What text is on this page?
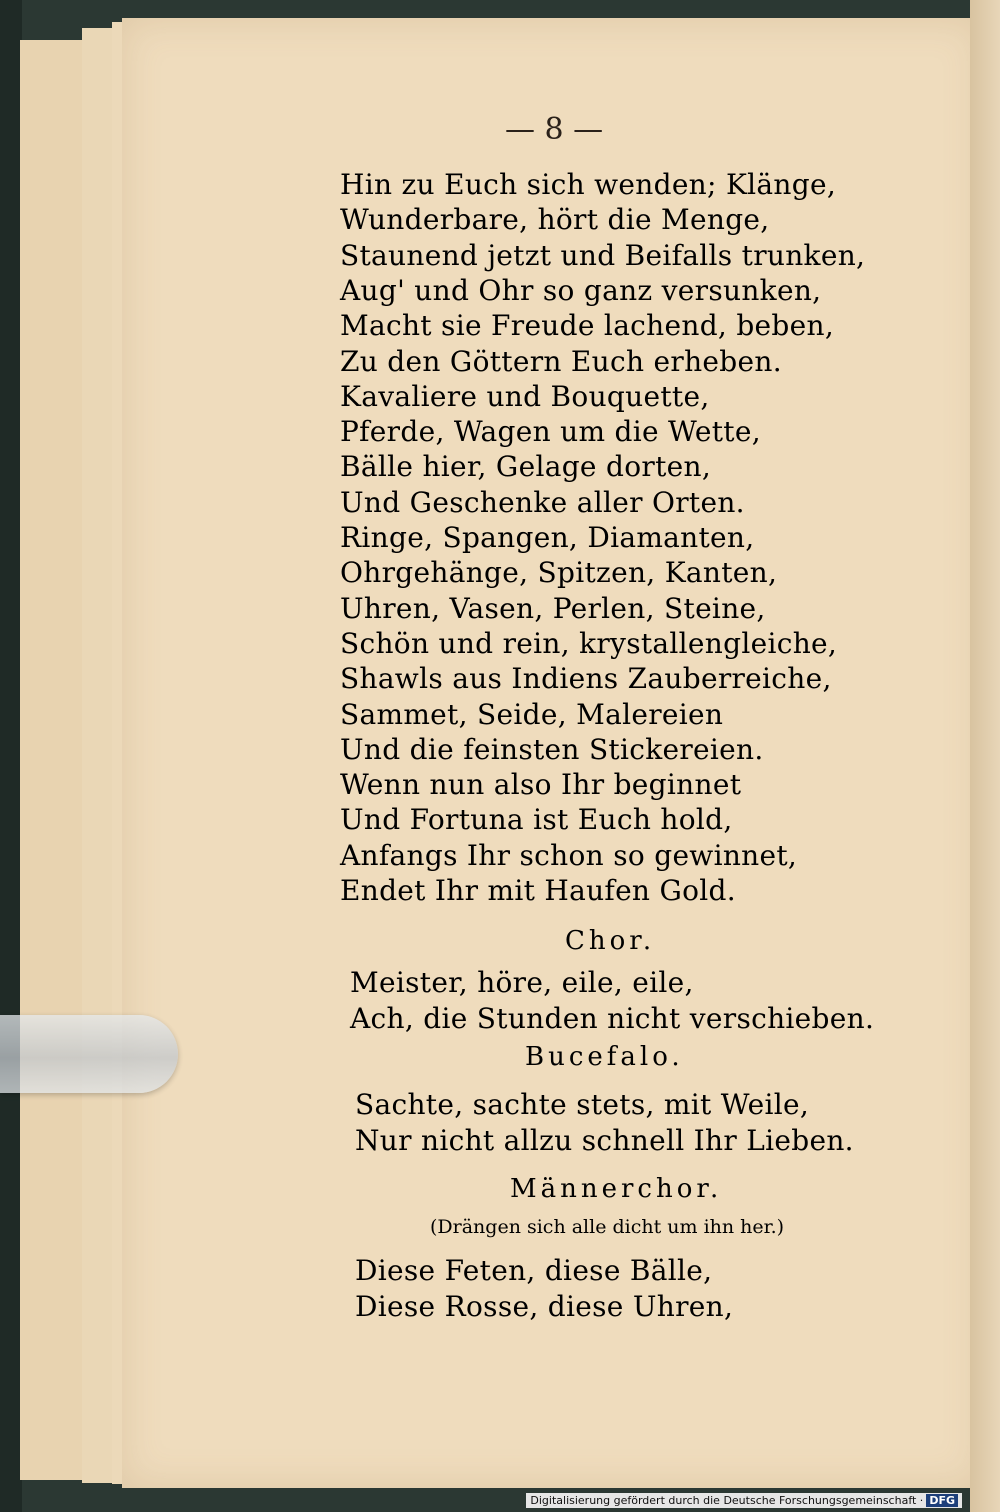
— 8 —
Hin zu Euch sich wenden; Klänge,
Wunderbare, hört die Menge,
Staunend jetzt und Beifalls trunken,
Aug' und Ohr so ganz versunken,
Macht sie Freude lachend, beben,
Zu den Göttern Euch erheben.
Kavaliere und Bouquette,
Pferde, Wagen um die Wette,
Bälle hier, Gelage dorten,
Und Geschenke aller Orten.
Ringe, Spangen, Diamanten,
Ohrgehänge, Spitzen, Kanten,
Uhren, Vasen, Perlen, Steine,
Schön und rein, krystallengleiche,
Shawls aus Indiens Zauberreiche,
Sammet, Seide, Malereien
Und die feinsten Stickereien.
Wenn nun also Ihr beginnet
Und Fortuna ist Euch hold,
Anfangs Ihr schon so gewinnet,
Endet Ihr mit Haufen Gold.
Chor.
Meister, höre, eile, eile,
Ach, die Stunden nicht verschieben.
Bucefalo.
Sachte, sachte stets, mit Weile,
Nur nicht allzu schnell Ihr Lieben.
Männerchor.
(Drängen sich alle dicht um ihn her.)
Diese Feten, diese Bälle,
Diese Rosse, diese Uhren,
Digitalisierung gefördert durch die Deutsche Forschungsgemeinschaft · DFG
